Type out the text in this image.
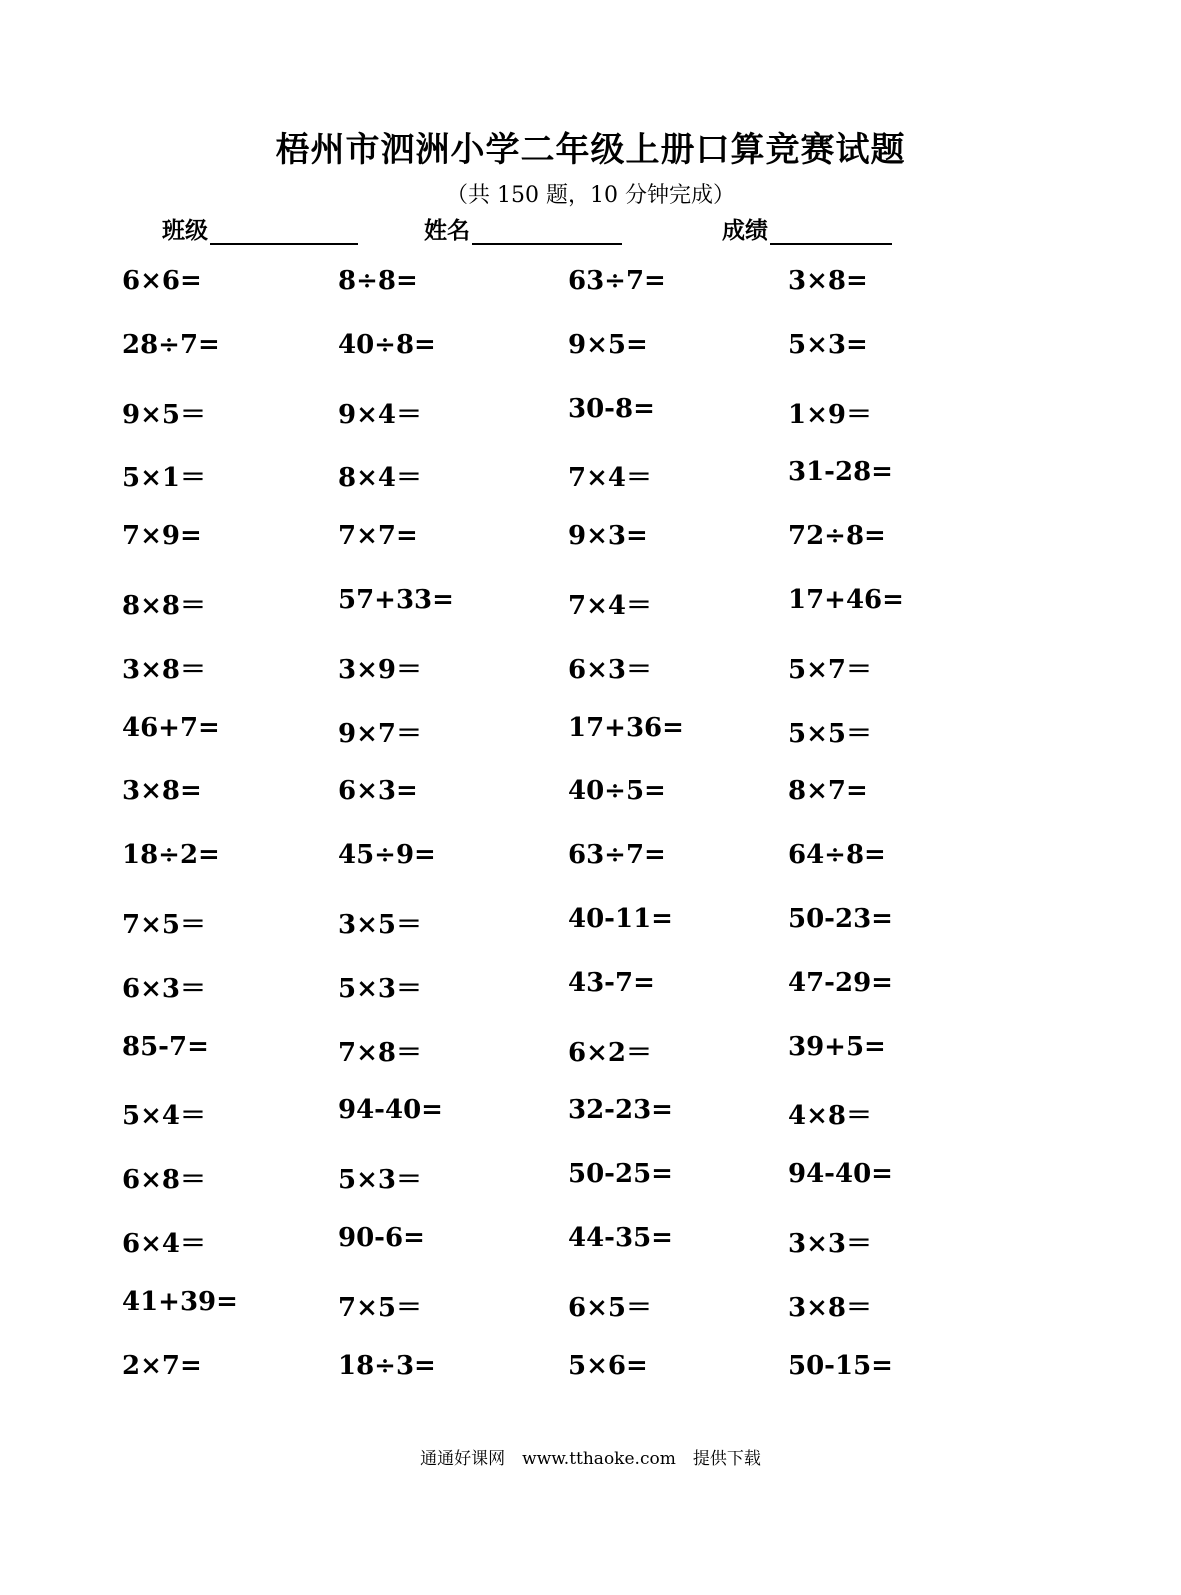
梧州市泗洲小学二年级上册口算竞赛试题
（共 150 题，10 分钟完成）
班级	姓名	成绩
6×6=	8÷8=	63÷7=	3×8=
28÷7=	40÷8=	9×5=	5×3=
9×5＝	9×4＝	30-8=	1×9＝
5×1＝	8×4＝	7×4＝	31-28=
7×9=	7×7=	9×3=	72÷8=
8×8＝	57+33=	7×4＝	17+46=
3×8＝	3×9＝	6×3＝	5×7＝
46+7=	9×7＝	17+36=	5×5＝
3×8=	6×3=	40÷5=	8×7=
18÷2=	45÷9=	63÷7=	64÷8=
7×5＝	3×5＝	40-11=	50-23=
6×3＝	5×3＝	43-7=	47-29=
85-7=	7×8＝	6×2＝	39+5=
5×4＝	94-40=	32-23=	4×8＝
6×8＝	5×3＝	50-25=	94-40=
6×4＝	90-6=	44-35=	3×3＝
41+39=	7×5＝	6×5＝	3×8＝
2×7=	18÷3=	5×6=	50-15=
通通好课网　www.tthaoke.com　提供下载
